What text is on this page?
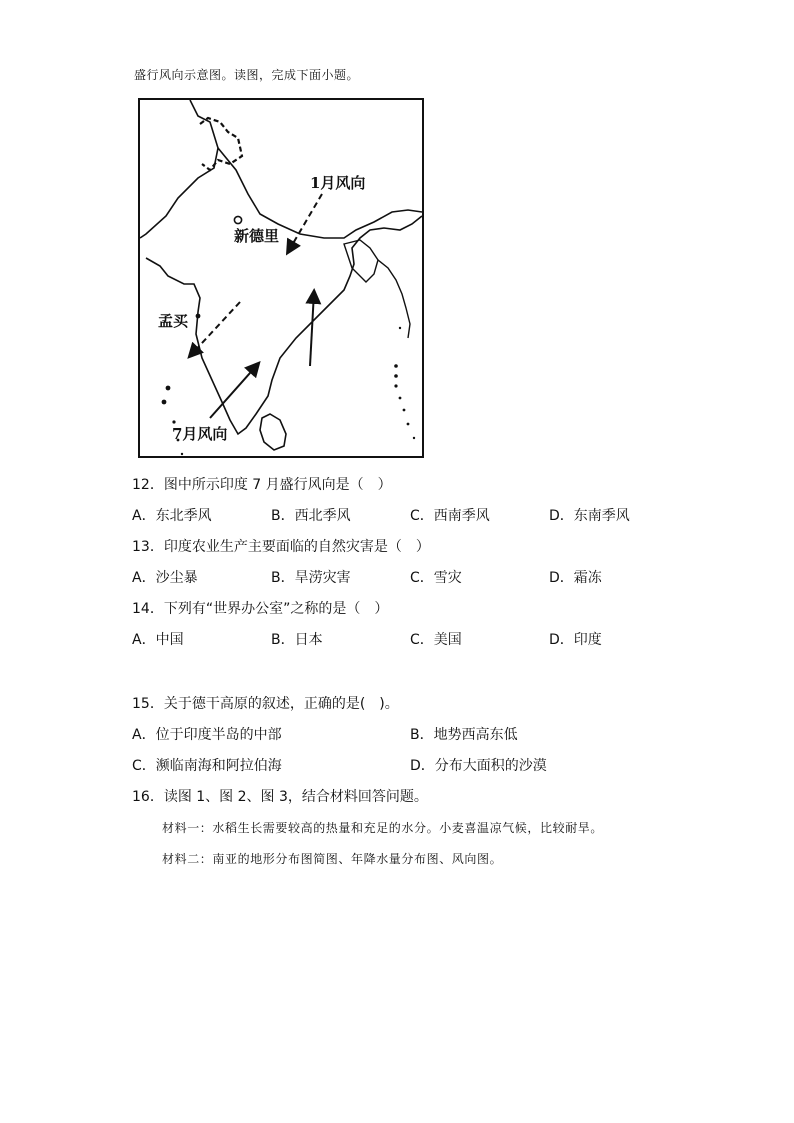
盛行风向示意图。读图，完成下面小题。
1月风向
新德里
孟买
7月风向
12．图中所示印度 7 月盛行风向是（　）
A．东北季风	B．西北季风	C．西南季风	D．东南季风
13．印度农业生产主要面临的自然灾害是（　）
A．沙尘暴	B．旱涝灾害	C．雪灾	D．霜冻
14．下列有“世界办公室”之称的是（　）
A．中国	B．日本	C．美国	D．印度
15．关于德干高原的叙述，正确的是(　)。
A．位于印度半岛的中部	B．地势西高东低
C．濒临南海和阿拉伯海	D．分布大面积的沙漠
16．读图 1、图 2、图 3，结合材料回答问题。
材料一：水稻生长需要较高的热量和充足的水分。小麦喜温凉气候，比较耐旱。
材料二：南亚的地形分布图简图、年降水量分布图、风向图。
